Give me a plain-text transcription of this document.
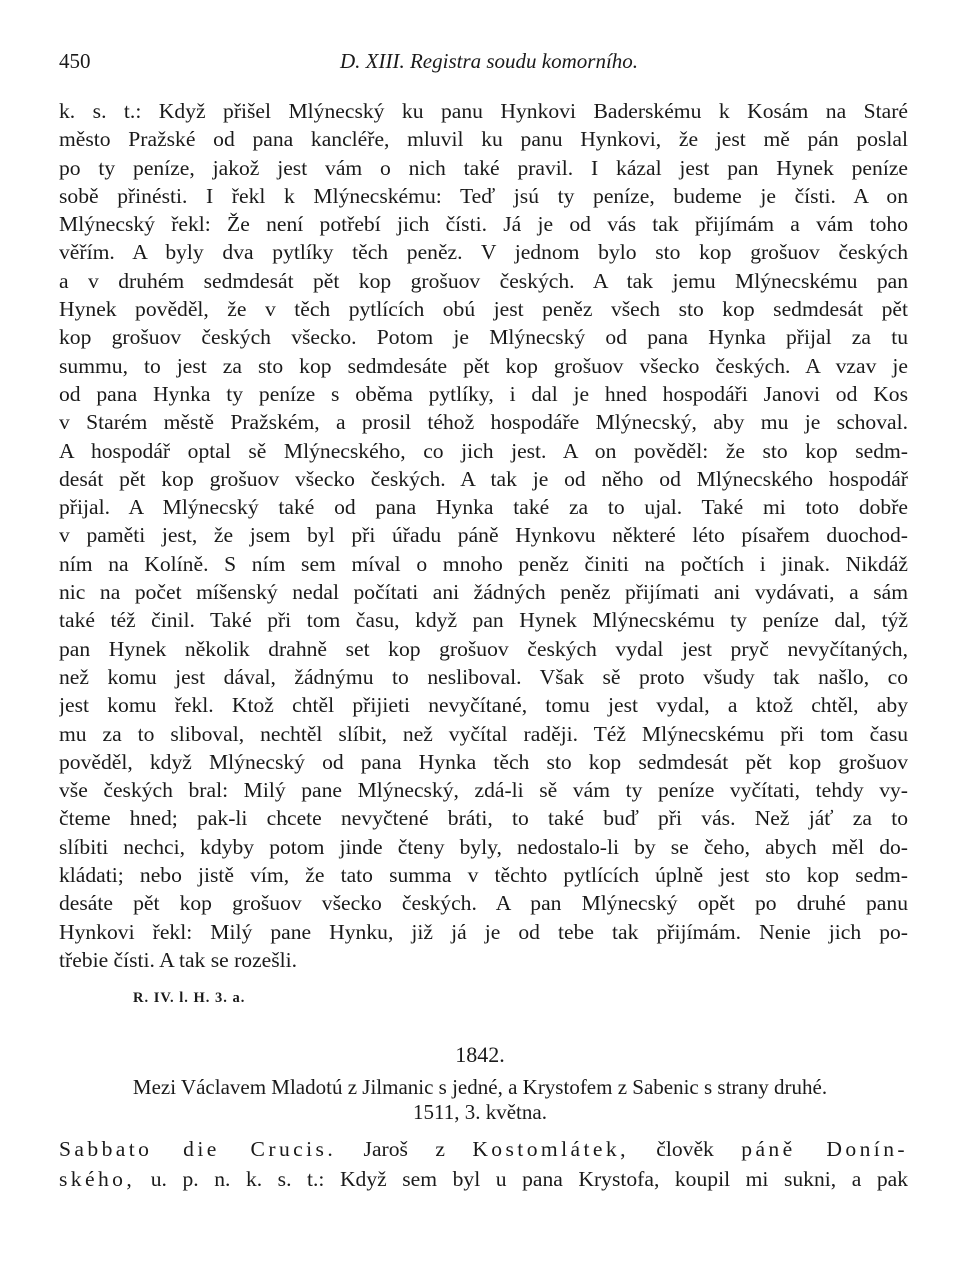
450	D. XIII. Registra soudu komorního.
k. s. t.: Když přišel Mlýnecský ku panu Hynkovi Baderskému k Kosám na Staré
město Pražské od pana kancléře, mluvil ku panu Hynkovi, že jest mě pán poslal
po ty peníze, jakož jest vám o nich také pravil. I kázal jest pan Hynek peníze
sobě přinésti. I řekl k Mlýnecskému: Teď jsú ty peníze, budeme je čísti. A on
Mlýnecský řekl: Že není potřebí jich čísti. Já je od vás tak přijímám a vám toho
věřím. A byly dva pytlíky těch peněz. V jednom bylo sto kop grošuov českých
a v druhém sedmdesát pět kop grošuov českých. A tak jemu Mlýnecskému pan
Hynek pověděl, že v těch pytlících obú jest peněz všech sto kop sedmdesát pět
kop grošuov českých všecko. Potom je Mlýnecský od pana Hynka přijal za tu
summu, to jest za sto kop sedmdesáte pět kop grošuov všecko českých. A vzav je
od pana Hynka ty peníze s oběma pytlíky, i dal je hned hospodáři Janovi od Kos
v Starém městě Pražském, a prosil téhož hospodáře Mlýnecský, aby mu je schoval.
A hospodář optal sě Mlýnecského, co jich jest. A on pověděl: že sto kop sedm-
desát pět kop grošuov všecko českých. A tak je od něho od Mlýnecského hospodář
přijal. A Mlýnecský také od pana Hynka také za to ujal. Také mi toto dobře
v paměti jest, že jsem byl při úřadu páně Hynkovu některé léto písařem duochod-
ním na Kolíně. S ním sem míval o mnoho peněz činiti na počtích i jinak. Nikdáž
nic na počet míšenský nedal počítati ani žádných peněz přijímati ani vydávati, a sám
také též činil. Také při tom času, když pan Hynek Mlýnecskému ty peníze dal, týž
pan Hynek několik drahně set kop grošuov českých vydal jest pryč nevyčítaných,
než komu jest dával, žádnýmu to nesliboval. Však sě proto všudy tak našlo, co
jest komu řekl. Ktož chtěl přijieti nevyčítané, tomu jest vydal, a ktož chtěl, aby
mu za to sliboval, nechtěl slíbit, než vyčítal raději. Též Mlýnecskému při tom času
pověděl, když Mlýnecský od pana Hynka těch sto kop sedmdesát pět kop grošuov
vše českých bral: Milý pane Mlýnecský, zdá-li sě vám ty peníze vyčítati, tehdy vy-
čteme hned; pak-li chcete nevyčtené bráti, to také buď při vás. Než jáť za to
slíbiti nechci, kdyby potom jinde čteny byly, nedostalo-li by se čeho, abych měl do-
kládati; nebo jistě vím, že tato summa v těchto pytlících úplně jest sto kop sedm-
desáte pět kop grošuov všecko českých. A pan Mlýnecský opět po druhé panu
Hynkovi řekl: Milý pane Hynku, již já je od tebe tak přijímám. Nenie jich po-
třebie čísti. A tak se rozešli.
R. IV. l. H. 3. a.
1842.
Mezi Václavem Mladotú z Jilmanic s jedné, a Krystofem z Sabenic s strany druhé.
1511, 3. května.
Sabbato die Crucis. Jaroš z Kostomlátek, člověk páně Donín-
ského, u. p. n. k. s. t.: Když sem byl u pana Krystofa, koupil mi sukni, a pak
